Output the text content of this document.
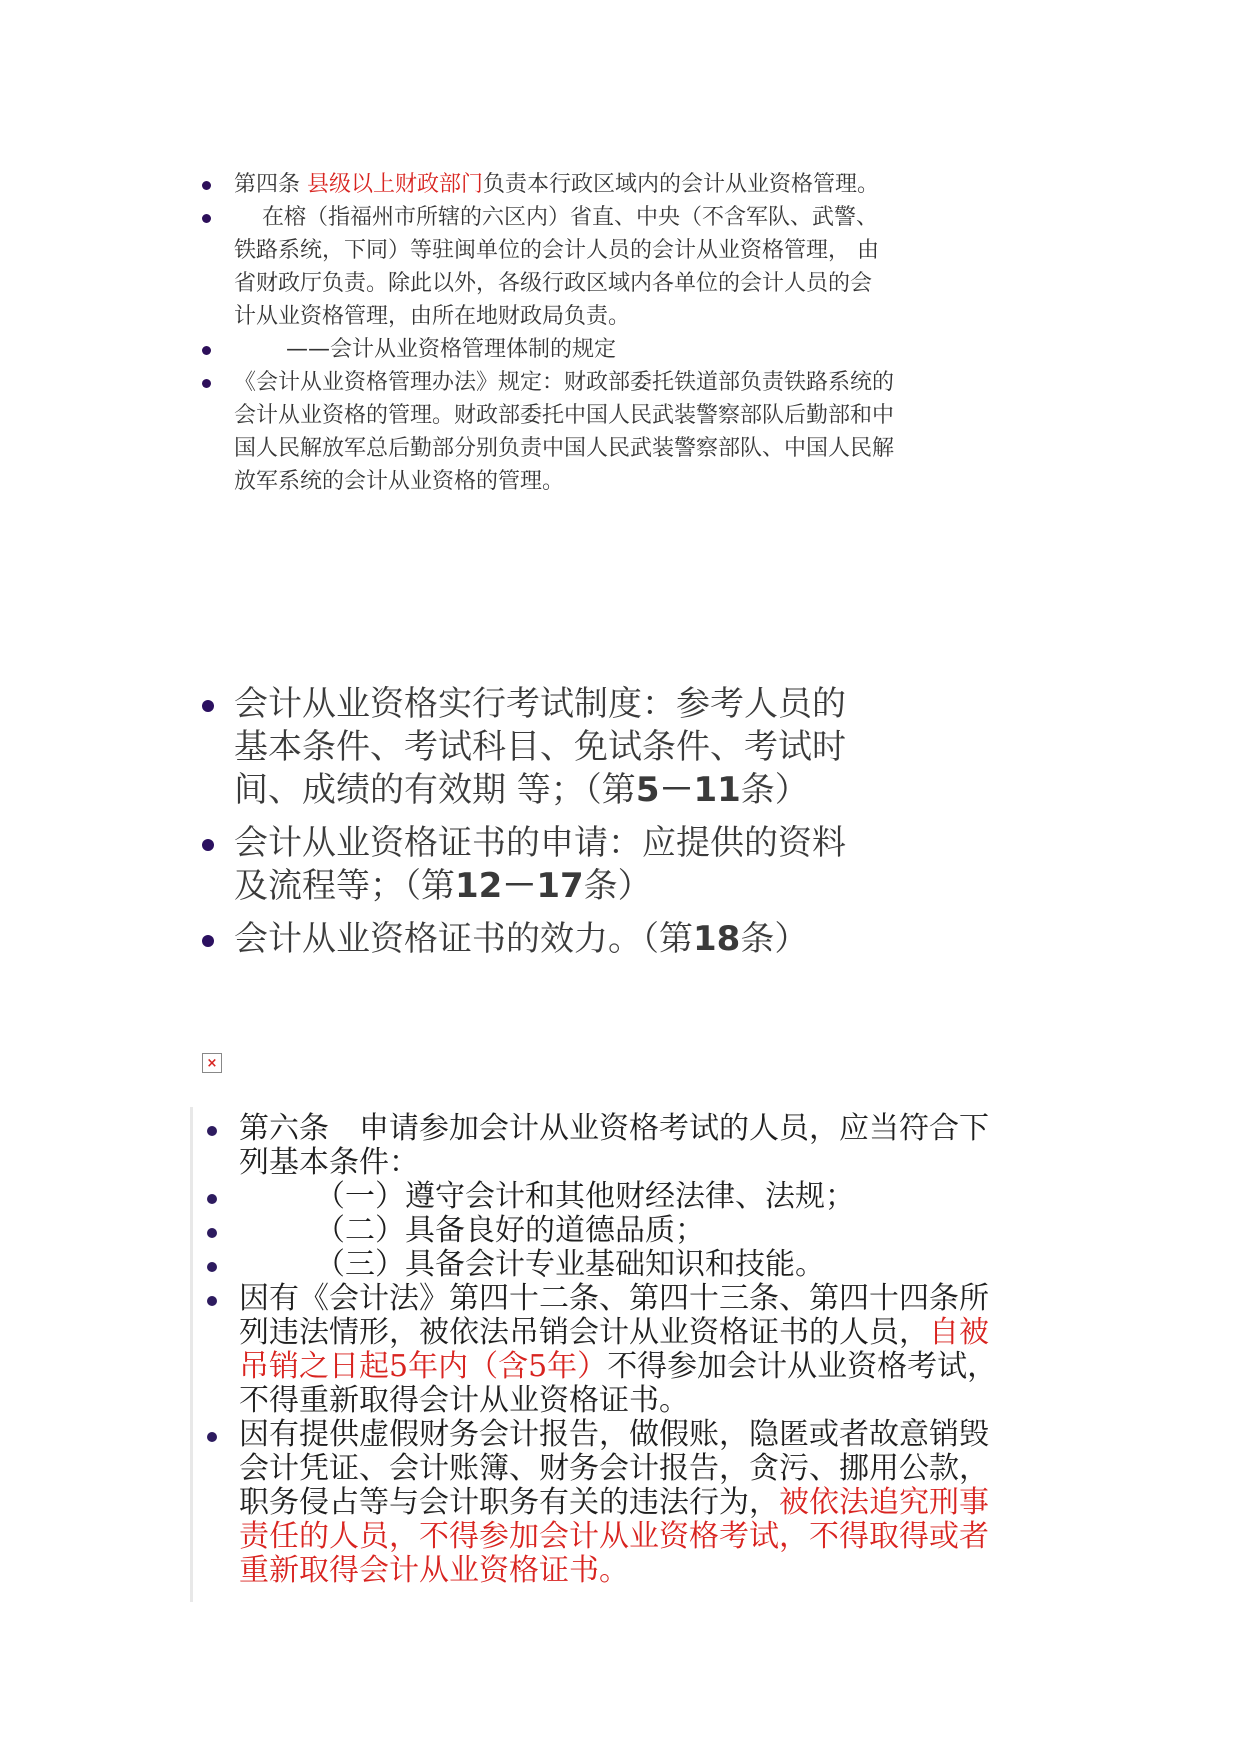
第四条 县级以上财政部门负责本行政区域内的会计从业资格管理。
在榕（指福州市所辖的六区内）省直、中央（不含军队、武警、
铁路系统，下同）等驻闽单位的会计人员的会计从业资格管理， 由
省财政厅负责。除此以外，各级行政区域内各单位的会计人员的会
计从业资格管理，由所在地财政局负责。
——会计从业资格管理体制的规定
《会计从业资格管理办法》规定：财政部委托铁道部负责铁路系统的
会计从业资格的管理。财政部委托中国人民武装警察部队后勤部和中
国人民解放军总后勤部分别负责中国人民武装警察部队、中国人民解
放军系统的会计从业资格的管理。
会计从业资格实行考试制度：参考人员的
基本条件、考试科目、免试条件、考试时
间、成绩的有效期 等；（第5－11条）
会计从业资格证书的申请：应提供的资料
及流程等；（第12－17条）
会计从业资格证书的效力。（第18条）
×
第六条　申请参加会计从业资格考试的人员，应当符合下
列基本条件：
（一）遵守会计和其他财经法律、法规；
（二）具备良好的道德品质；
（三）具备会计专业基础知识和技能。
因有《会计法》第四十二条、第四十三条、第四十四条所
列违法情形，被依法吊销会计从业资格证书的人员，自被
吊销之日起5年内（含5年）不得参加会计从业资格考试，
不得重新取得会计从业资格证书。
因有提供虚假财务会计报告，做假账，隐匿或者故意销毁
会计凭证、会计账簿、财务会计报告，贪污、挪用公款，
职务侵占等与会计职务有关的违法行为，被依法追究刑事
责任的人员，不得参加会计从业资格考试，不得取得或者
重新取得会计从业资格证书。
